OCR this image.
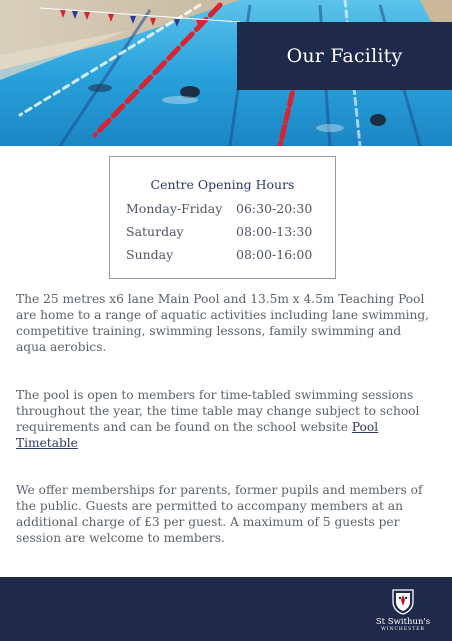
Our Facility
Centre Opening Hours
Monday-Friday 06:30-20:30
Saturday	08:00-13:30
Sunday	08:00-16:00
The 25 metres x6 lane Main Pool and 13.5m x 4.5m Teaching Pool
are home to a range of aquatic activities including lane swimming,
competitive training, swimming lessons, family swimming and
aqua aerobics.
The pool is open to members for time-tabled swimming sessions
throughout the year, the time table may change subject to school
requirements and can be found on the school website Pool
Timetable
We offer memberships for parents, former pupils and members of
the public. Guests are permitted to accompany members at an
additional charge of £3 per guest. A maximum of 5 guests per
session are welcome to members.
St Swithun's
WINCHESTER
